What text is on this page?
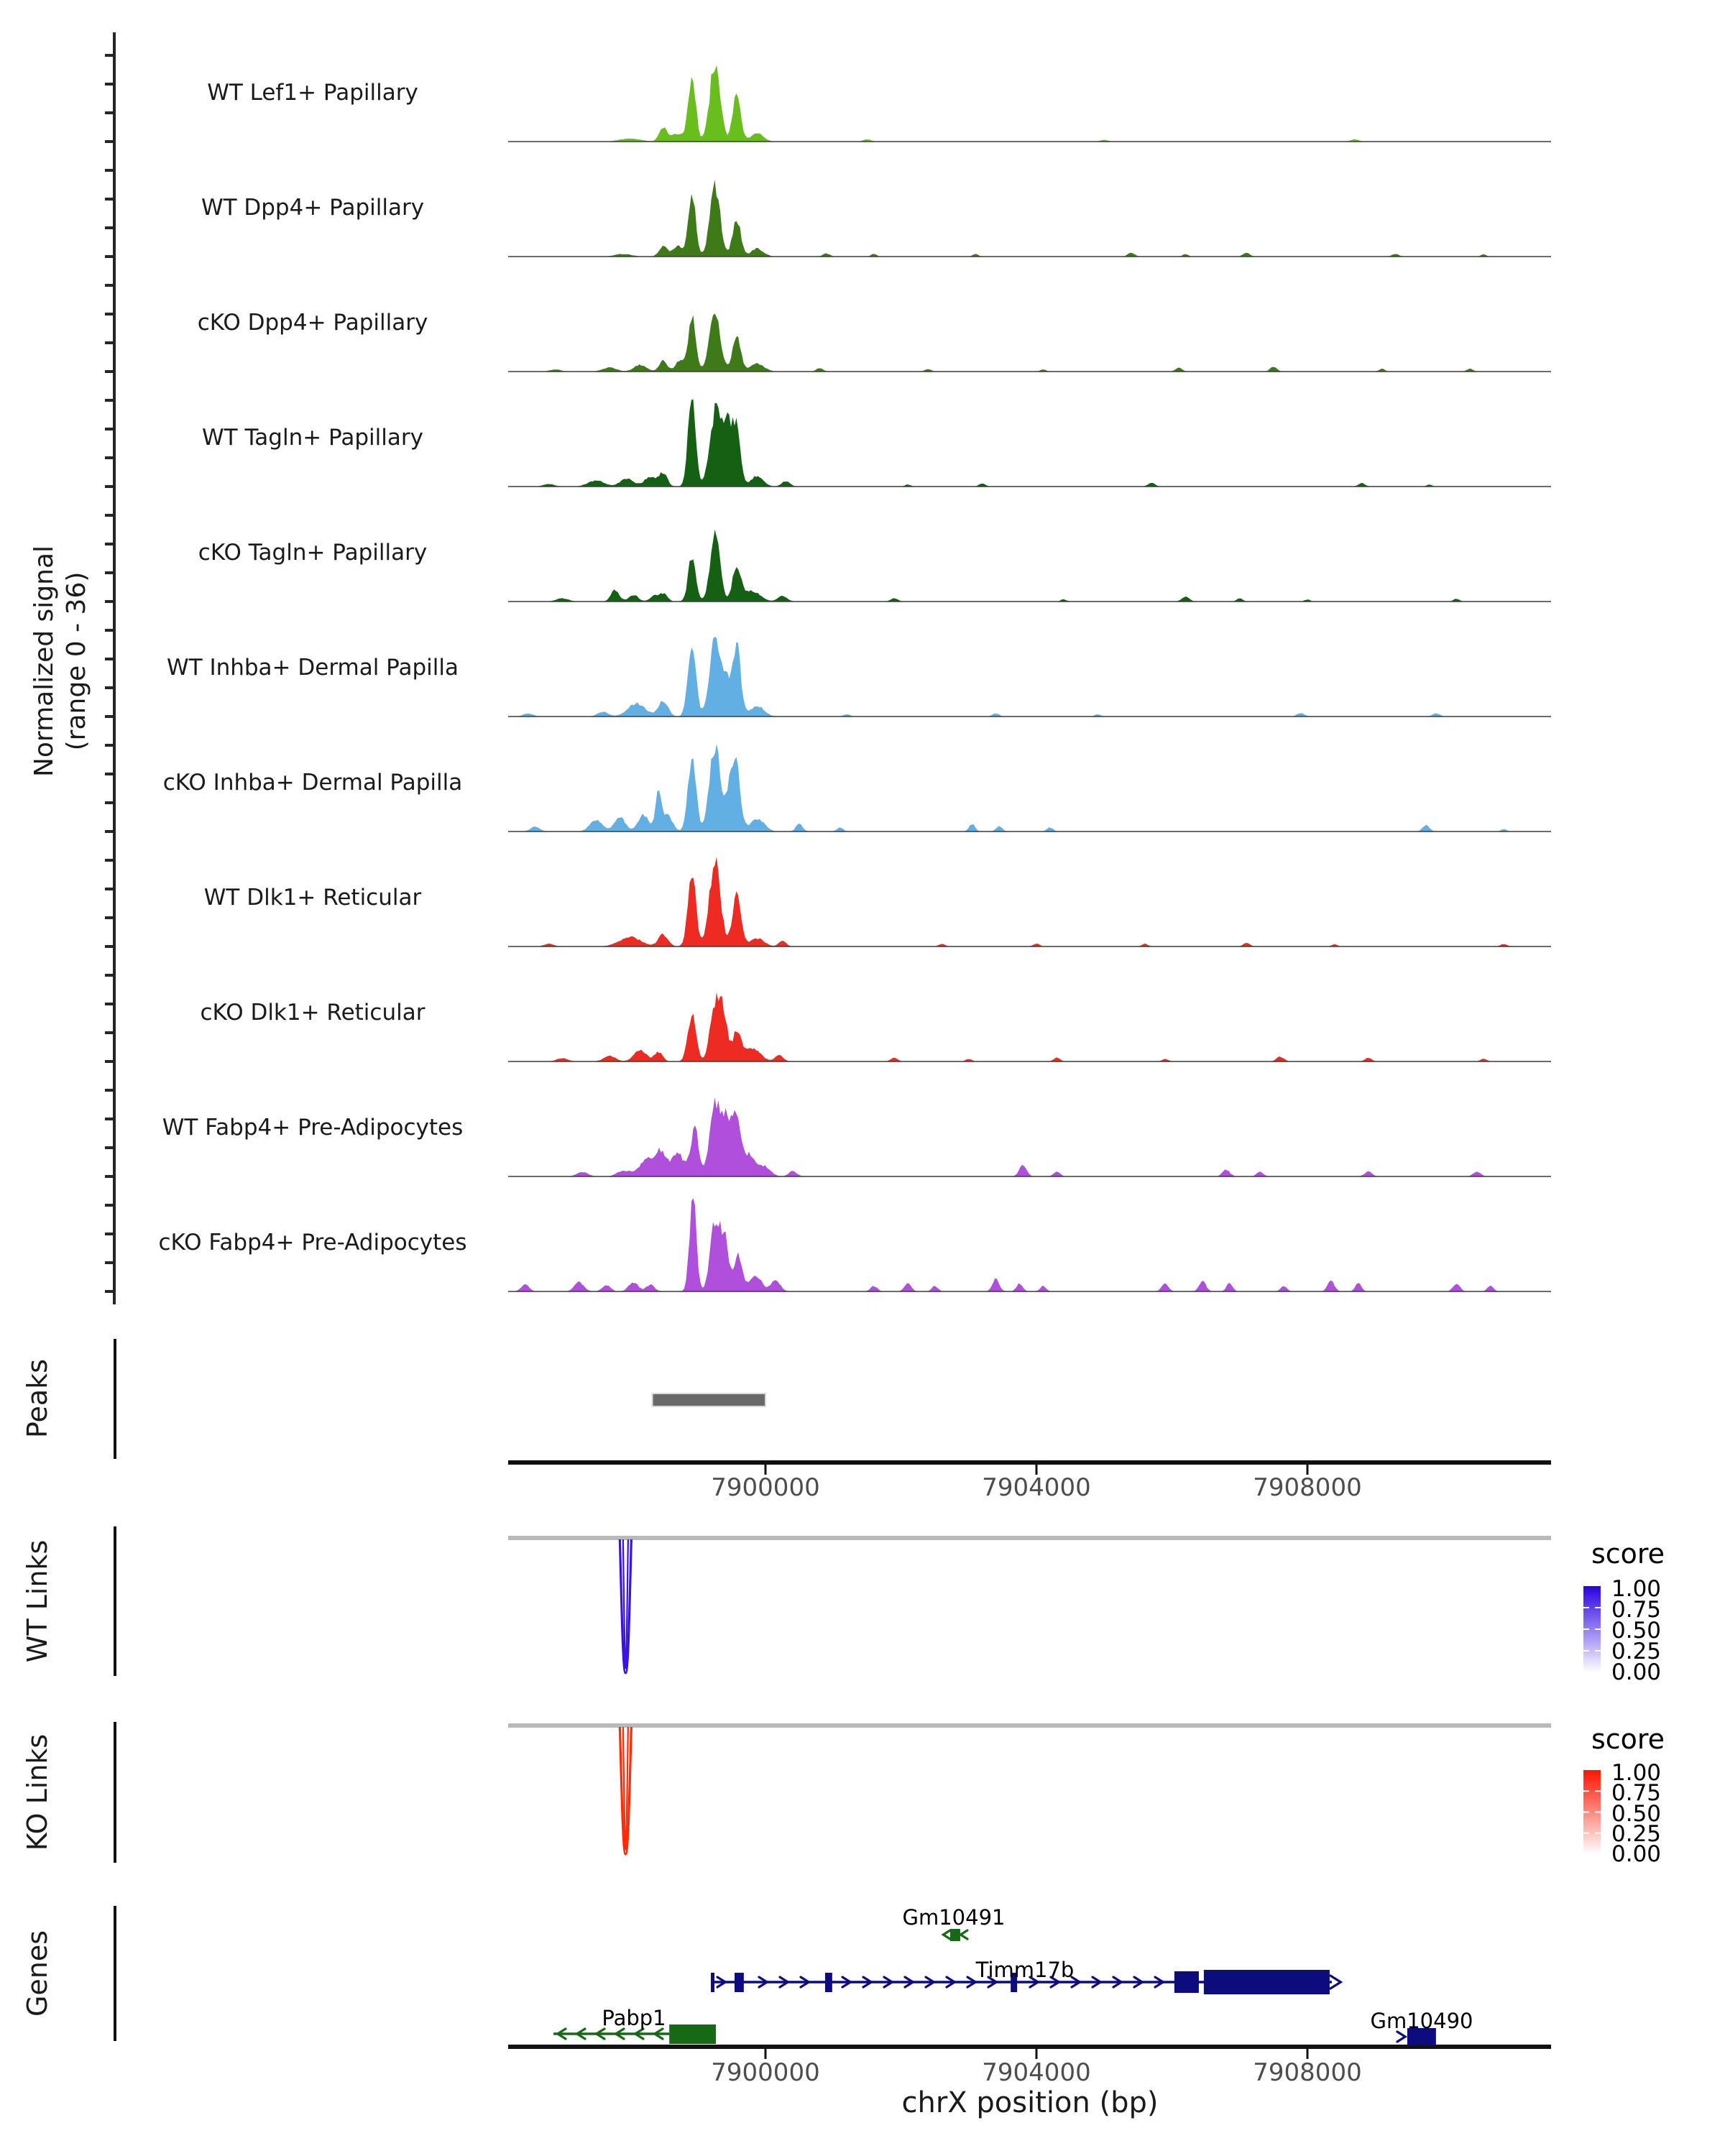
Normalized signal (range 0 - 36)
Peaks
WT Links
KO Links
Genes
chrX position (bp)
score
score
WT Lef1+ Papillary
WT Dpp4+ Papillary
cKO Dpp4+ Papillary
WT Tagln+ Papillary
cKO Tagln+ Papillary
WT Inhba+ Dermal Papilla
cKO Inhba+ Dermal Papilla
WT Dlk1+ Reticular
cKO Dlk1+ Reticular
WT Fabp4+ Pre-Adipocytes
cKO Fabp4+ Pre-Adipocytes
7900000	7904000	7908000
7900000	7904000	7908000
1.00
0.75
0.50
0.25
0.00
1.00
0.75
0.50
0.25
0.00
Pabp1
Timm17b
Gm10491
Gm10490
